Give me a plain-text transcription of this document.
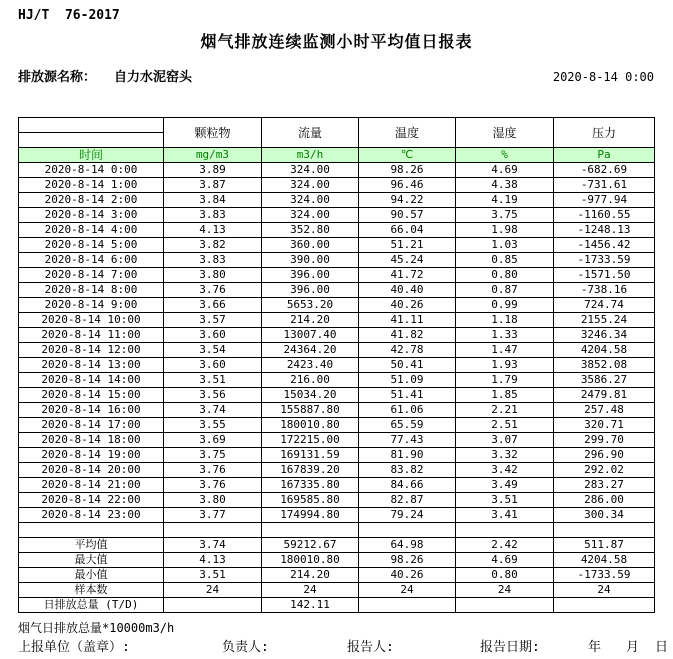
HJ/T  76-2017
烟气排放连续监测小时平均值日报表
排放源名称： 自力水泥窑头	2020-8-14 0:00
	颗粒物	流量	温度	湿度	压力

时间	mg/m3	m3/h	℃	%	Pa
2020-8-14 0:00	3.89	324.00	98.26	4.69	-682.69
2020-8-14 1:00	3.87	324.00	96.46	4.38	-731.61
2020-8-14 2:00	3.84	324.00	94.22	4.19	-977.94
2020-8-14 3:00	3.83	324.00	90.57	3.75	-1160.55
2020-8-14 4:00	4.13	352.80	66.04	1.98	-1248.13
2020-8-14 5:00	3.82	360.00	51.21	1.03	-1456.42
2020-8-14 6:00	3.83	390.00	45.24	0.85	-1733.59
2020-8-14 7:00	3.80	396.00	41.72	0.80	-1571.50
2020-8-14 8:00	3.76	396.00	40.40	0.87	-738.16
2020-8-14 9:00	3.66	5653.20	40.26	0.99	724.74
2020-8-14 10:00	3.57	214.20	41.11	1.18	2155.24
2020-8-14 11:00	3.60	13007.40	41.82	1.33	3246.34
2020-8-14 12:00	3.54	24364.20	42.78	1.47	4204.58
2020-8-14 13:00	3.60	2423.40	50.41	1.93	3852.08
2020-8-14 14:00	3.51	216.00	51.09	1.79	3586.27
2020-8-14 15:00	3.56	15034.20	51.41	1.85	2479.81
2020-8-14 16:00	3.74	155887.80	61.06	2.21	257.48
2020-8-14 17:00	3.55	180010.80	65.59	2.51	320.71
2020-8-14 18:00	3.69	172215.00	77.43	3.07	299.70
2020-8-14 19:00	3.75	169131.59	81.90	3.32	296.90
2020-8-14 20:00	3.76	167839.20	83.82	3.42	292.02
2020-8-14 21:00	3.76	167335.80	84.66	3.49	283.27
2020-8-14 22:00	3.80	169585.80	82.87	3.51	286.00
2020-8-14 23:00	3.77	174994.80	79.24	3.41	300.34

平均值	3.74	59212.67	64.98	2.42	511.87
最大值	4.13	180010.80	98.26	4.69	4204.58
最小值	3.51	214.20	40.26	0.80	-1733.59
样本数	24	24	24	24	24
日排放总量 (T/D)		142.11			
烟气日排放总量*10000m3/h
上报单位（盖章）:	负责人:	报告人:	报告日期:	年 月 日
